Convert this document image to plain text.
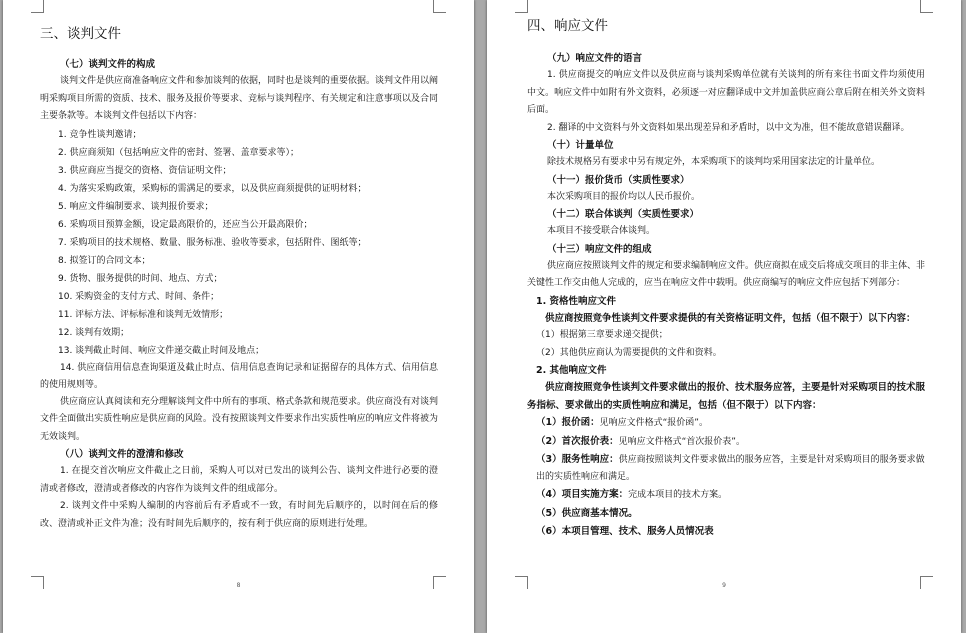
三、谈判文件

（七）谈判文件的构成

谈判文件是供应商准备响应文件和参加谈判的依据，同时也是谈判的重要依据。谈判文件用以阐明采购项目所需的资质、技术、服务及报价等要求、竞标与谈判程序、有关规定和注意事项以及合同主要条款等。本谈判文件包括以下内容：

1. 竞争性谈判邀请；

2. 供应商须知（包括响应文件的密封、签署、盖章要求等）；

3. 供应商应当提交的资格、资信证明文件；

4. 为落实采购政策，采购标的需满足的要求，以及供应商须提供的证明材料；

5. 响应文件编制要求、谈判报价要求；

6. 采购项目预算金额，设定最高限价的，还应当公开最高限价；

7. 采购项目的技术规格、数量、服务标准、验收等要求，包括附件、图纸等；

8. 拟签订的合同文本；

9. 货物、服务提供的时间、地点、方式；

10. 采购资金的支付方式、时间、条件；

11. 评标方法、评标标准和谈判无效情形；

12. 谈判有效期；

13. 谈判截止时间、响应文件递交截止时间及地点；

14. 供应商信用信息查询渠道及截止时点、信用信息查询记录和证据留存的具体方式、信用信息的使用规则等。

供应商应认真阅读和充分理解谈判文件中所有的事项、格式条款和规范要求。供应商没有对谈判文件全面做出实质性响应是供应商的风险。没有按照谈判文件要求作出实质性响应的响应文件将被为无效谈判。

（八）谈判文件的澄清和修改

1. 在提交首次响应文件截止之日前，采购人可以对已发出的谈判公告、谈判文件进行必要的澄清或者修改，澄清或者修改的内容作为谈判文件的组成部分。

2. 谈判文件中采购人编制的内容前后有矛盾或不一致，有时间先后顺序的，以时间在后的修改、澄清或补正文件为准；没有时间先后顺序的，按有利于供应商的原则进行处理。

8
四、响应文件

（九）响应文件的语言

1. 供应商提交的响应文件以及供应商与谈判采购单位就有关谈判的所有来往书面文件均须使用中文。响应文件中如附有外文资料，必须逐一对应翻译成中文并加盖供应商公章后附在相关外文资料后面。

2. 翻译的中文资料与外文资料如果出现差异和矛盾时，以中文为准，但不能故意错误翻译。

（十）计量单位

除技术规格另有要求中另有规定外，本采购项下的谈判均采用国家法定的计量单位。

（十一）报价货币（实质性要求）

本次采购项目的报价均以人民币报价。

（十二）联合体谈判（实质性要求）

本项目不接受联合体谈判。

（十三）响应文件的组成

供应商应按照谈判文件的规定和要求编制响应文件。供应商拟在成交后将成交项目的非主体、非关键性工作交由他人完成的，应当在响应文件中载明。供应商编写的响应文件应包括下列部分：

1. 资格性响应文件

供应商按照竞争性谈判文件要求提供的有关资格证明文件，包括（但不限于）以下内容：

（1）根据第三章要求递交提供；

（2）其他供应商认为需要提供的文件和资料。

2. 其他响应文件

供应商按照竞争性谈判文件要求做出的报价、技术服务应答，主要是针对采购项目的技术服务指标、要求做出的实质性响应和满足，包括（但不限于）以下内容：

（1）报价函：见响应文件格式“报价函”。

（2）首次报价表：见响应文件格式“首次报价表”。

（3）服务性响应：供应商按照谈判文件要求做出的服务应答，主要是针对采购项目的服务要求做出的实质性响应和满足。

（4）项目实施方案：完成本项目的技术方案。

（5）供应商基本情况。

（6）本项目管理、技术、服务人员情况表

9
